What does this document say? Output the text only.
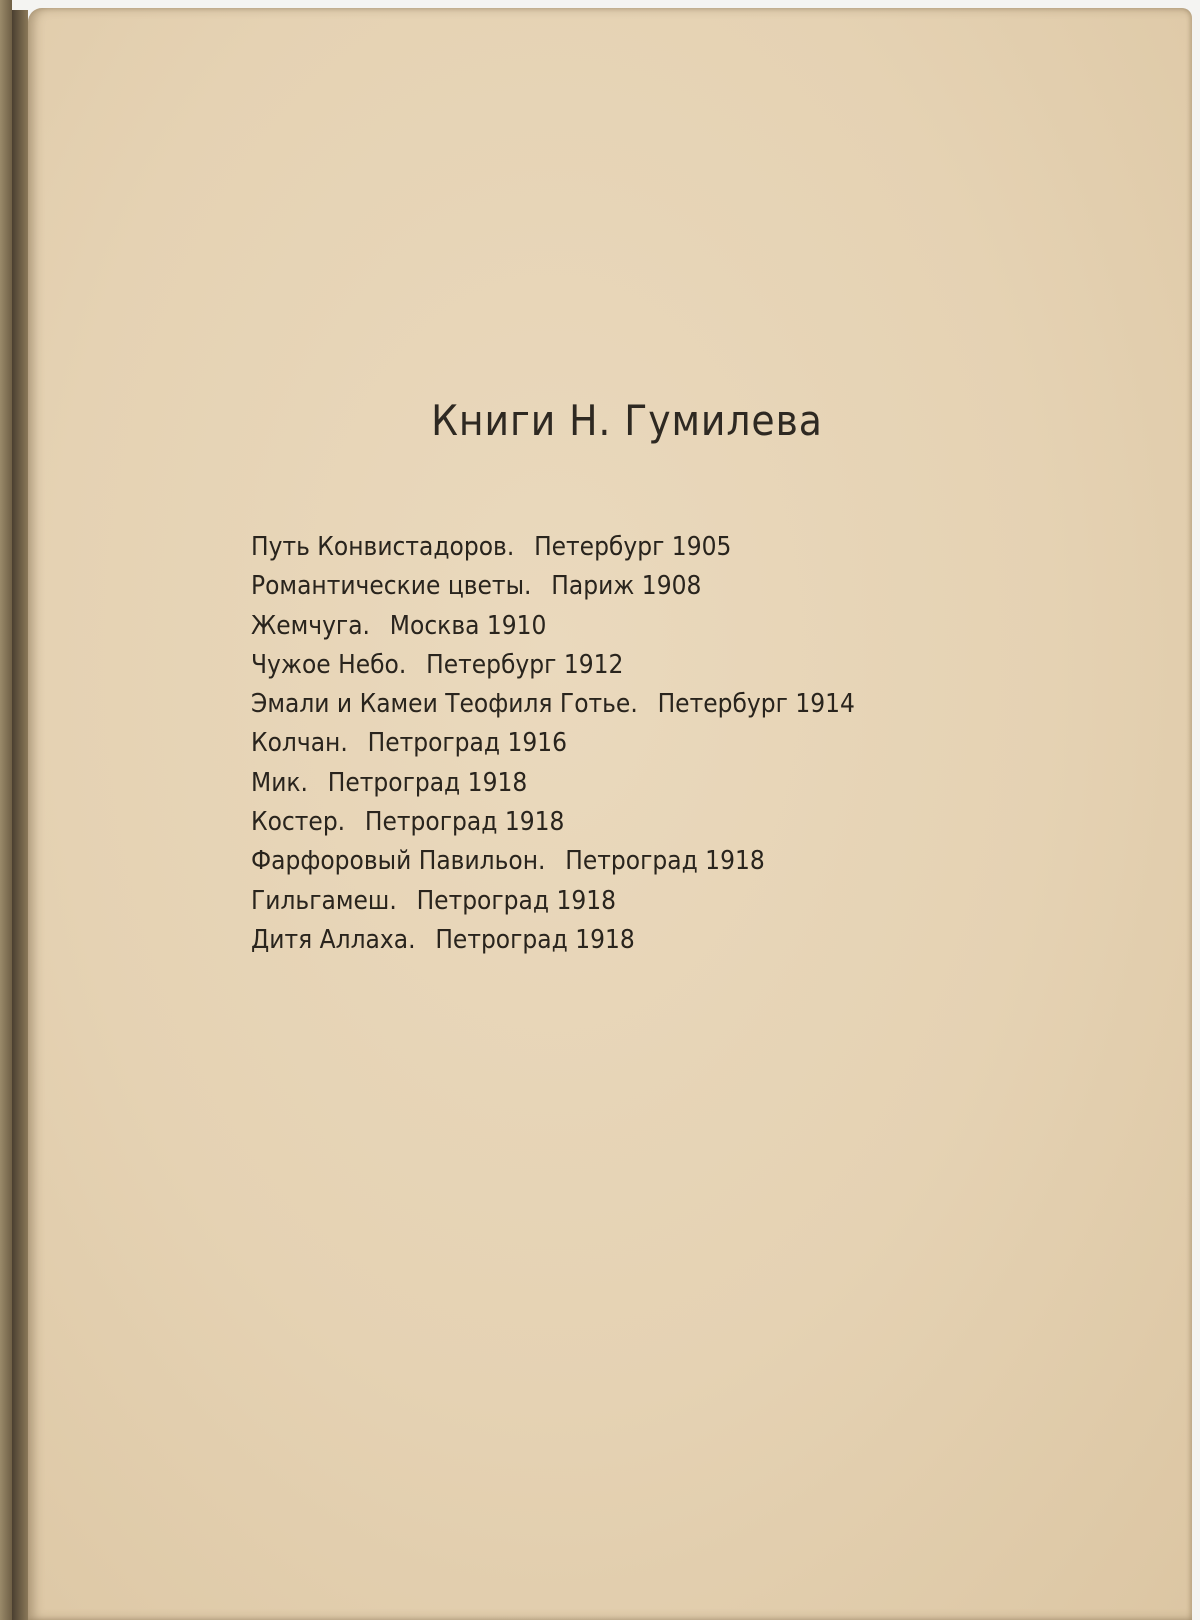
Книги Н. Гумилева
Путь Конвистадоров. Петербург 1905
Романтические цветы. Париж 1908
Жемчуга. Москва 1910
Чужое Небо. Петербург 1912
Эмали и Камеи Теофиля Готье. Петербург 1914
Колчан. Петроград 1916
Мик. Петроград 1918
Костер. Петроград 1918
Фарфоровый Павильон. Петроград 1918
Гильгамеш. Петроград 1918
Дитя Аллаха. Петроград 1918
